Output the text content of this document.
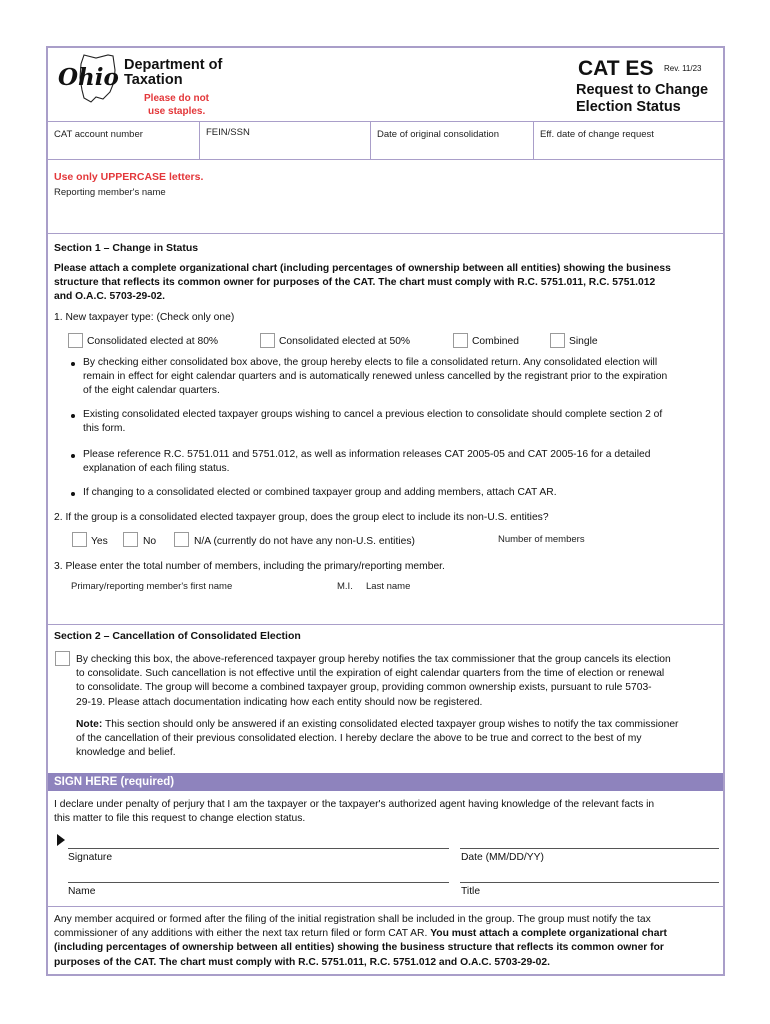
Ohio Department of
Taxation
Please do not
use staples.
CAT ES Rev. 11/23
Request to Change
Election Status
CAT account number	FEIN/SSN	Date of original consolidation	Eff. date of change request
Use only UPPERCASE letters.
Reporting member's name
Section 1 – Change in Status
Please attach a complete organizational chart (including percentages of ownership between all entities) showing the business
structure that reflects its common owner for purposes of the CAT. The chart must comply with R.C. 5751.011, R.C. 5751.012
and O.A.C. 5703-29-02.
1. New taxpayer type: (Check only one)
Consolidated elected at 80%	Consolidated elected at 50%	Combined	Single
By checking either consolidated box above, the group hereby elects to file a consolidated return. Any consolidated election will
remain in effect for eight calendar quarters and is automatically renewed unless cancelled by the registrant prior to the expiration
of the eight calendar quarters.
Existing consolidated elected taxpayer groups wishing to cancel a previous election to consolidate should complete section 2 of
this form.
Please reference R.C. 5751.011 and 5751.012, as well as information releases CAT 2005-05 and CAT 2005-16 for a detailed
explanation of each filing status.
If changing to a consolidated elected or combined taxpayer group and adding members, attach CAT AR.
2. If the group is a consolidated elected taxpayer group, does the group elect to include its non-U.S. entities?
Yes	No	N/A (currently do not have any non-U.S. entities)	Number of members
3. Please enter the total number of members, including the primary/reporting member.
Primary/reporting member's first name	M.I. Last name
Section 2 – Cancellation of Consolidated Election
By checking this box, the above-referenced taxpayer group hereby notifies the tax commissioner that the group cancels its election
to consolidate. Such cancellation is not effective until the expiration of eight calendar quarters from the time of election or renewal
to consolidate. The group will become a combined taxpayer group, providing common ownership exists, pursuant to rule 5703-
29-19. Please attach documentation indicating how each entity should now be registered.
Note: This section should only be answered if an existing consolidated elected taxpayer group wishes to notify the tax commissioner
of the cancellation of their previous consolidated election. I hereby declare the above to be true and correct to the best of my
knowledge and belief.
SIGN HERE (required)
I declare under penalty of perjury that I am the taxpayer or the taxpayer's authorized agent having knowledge of the relevant facts in
this matter to file this request to change election status.
Signature	Date (MM/DD/YY)
Name	Title
Any member acquired or formed after the filing of the initial registration shall be included in the group. The group must notify the tax
commissioner of any additions with either the next tax return filed or form CAT AR. You must attach a complete organizational chart
(including percentages of ownership between all entities) showing the business structure that reflects its common owner for
purposes of the CAT. The chart must comply with R.C. 5751.011, R.C. 5751.012 and O.A.C. 5703-29-02.
